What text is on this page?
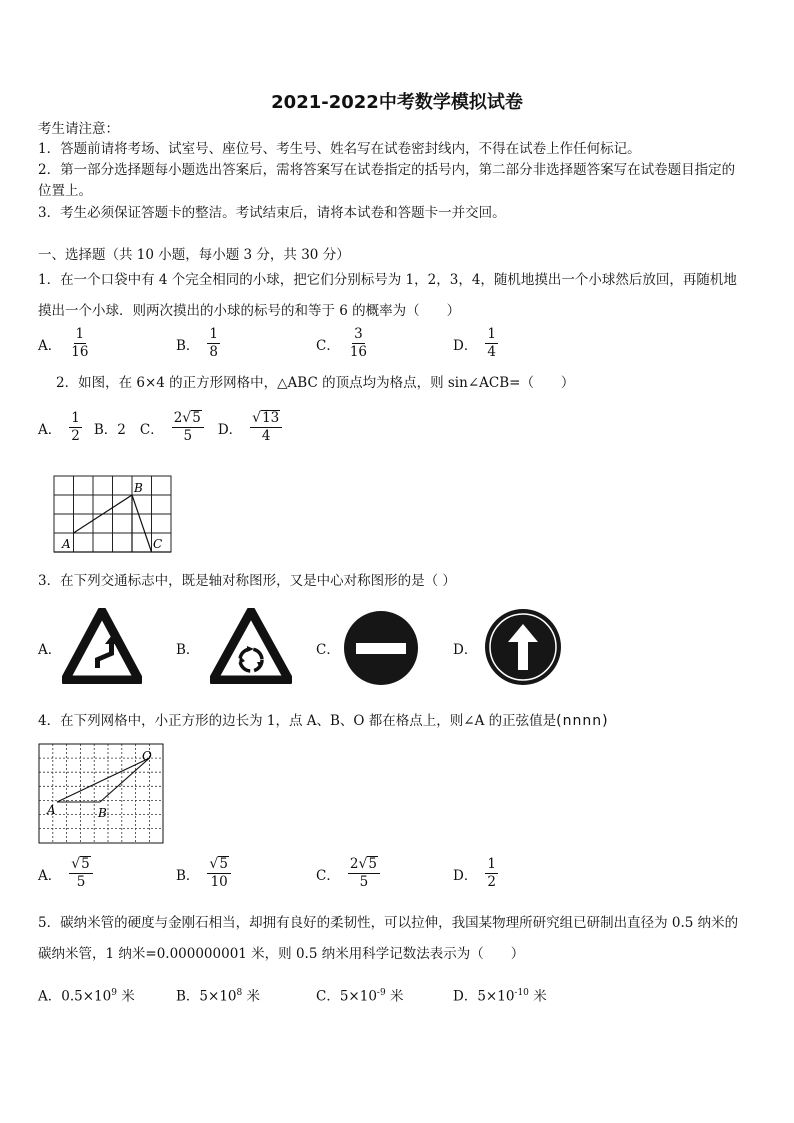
2021-2022中考数学模拟试卷
考生请注意：
1．答题前请将考场、试室号、座位号、考生号、姓名写在试卷密封线内，不得在试卷上作任何标记。
2．第一部分选择题每小题选出答案后，需将答案写在试卷指定的括号内，第二部分非选择题答案写在试卷题目指定的
位置上。
3．考生必须保证答题卡的整洁。考试结束后，请将本试卷和答题卡一并交回。
一、选择题（共 10 小题，每小题 3 分，共 30 分）
1．在一个口袋中有 4 个完全相同的小球，把它们分别标号为 1，2，3，4，随机地摸出一个小球然后放回，再随机地
摸出一个小球．则两次摸出的小球的标号的和等于 6 的概率为（　　）
A． $\frac{1}{16}$	B． $\frac{1}{8}$	C． $\frac{3}{16}$	D． $\frac{1}{4}$
2．如图，在 6×4 的正方形网格中，△ABC 的顶点均为格点，则 sin∠ACB=（　　）
A． $\frac{1}{2}$ B．2 C． $\frac{2 √ 5}{5}$ D． $\frac{√ 13}{4}$
A
B
C
3．在下列交通标志中，既是轴对称图形，又是中心对称图形的是（ ）
A．	B．	C．	D．
4．在下列网格中，小正方形的边长为 1，点 A、B、O 都在格点上，则∠A 的正弦值是(nnnn)
A	B
O
A． $\frac{√ 5}{5}$	B． $\frac{√ 5}{10}$	C． $\frac{2 √ 5}{5}$	D． $\frac{1}{2}$
5．碳纳米管的硬度与金刚石相当，却拥有良好的柔韧性，可以拉伸，我国某物理所研究组已研制出直径为 0.5 纳米的
碳纳米管，1 纳米=0.000000001 米，则 0.5 纳米用科学记数法表示为（　　）
A．$0.5\times 10^9$ 米	B．$5\times 10^8$ 米	C．$5\times 10^{-9}$ 米	D．$5\times 10^{-10}$ 米
